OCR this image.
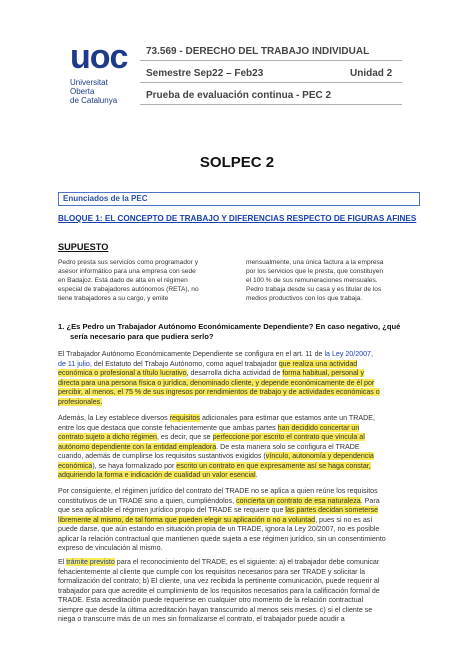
uoc
Universitat
Oberta
de Catalunya
73.569 - DERECHO DEL TRABAJO INDIVIDUAL
Semestre Sep22 – Feb23	Unidad 2
Prueba de evaluación continua - PEC 2
SOLPEC 2
Enunciados de la PEC
BLOQUE 1: EL CONCEPTO DE TRABAJO Y DIFERENCIAS RESPECTO DE FIGURAS AFINES
SUPUESTO
Pedro presta sus servicios como programador y
asesor informático para una empresa con sede
en Badajoz. Está dado de alta en el régimen
especial de trabajadores autónomos (RETA), no
tiene trabajadores a su cargo, y emite
mensualmente, una única factura a la empresa
por los servicios que le presta, que constituyen
el 100 % de sus remuneraciones mensuales.
Pedro trabaja desde su casa y es titular de los
medios productivos con los que trabaja.
1. ¿Es Pedro un Trabajador Autónomo Económicamente Dependiente? En caso negativo, ¿qué
sería necesario para que pudiera serlo?
El Trabajador Autónomo Económicamente Dependiente se configura en el art. 11 de la Ley 20/2007,
de 11 julio, del Estatuto del Trabajo Autónomo, como aquel trabajador que realiza una actividad
económica o profesional a título lucrativo, desarrolla dicha actividad de forma habitual, personal y
directa para una persona física o jurídica, denominado cliente, y depende económicamente de él por
percibir, al menos, el 75 % de sus ingresos por rendimientos de trabajo y de actividades económicas o
profesionales.
Además, la Ley establece diversos requisitos adicionales para estimar que estamos ante un TRADE,
entre los que destaca que conste fehacientemente que ambas partes han decidido concertar un
contrato sujeto a dicho régimen, es decir, que se perfeccione por escrito el contrato que vincula al
autónomo dependiente con la entidad empleadora. De esta manera solo se configura el TRADE
cuando, además de cumplirse los requisitos sustantivos exigidos (vínculo, autonomía y dependencia
económica), se haya formalizado por escrito un contrato en que expresamente así se haga constar,
adquiriendo la forma e indicación de cualidad un valor esencial.
Por consiguiente, el régimen jurídico del contrato del TRADE no se aplica a quien reúne los requisitos
constitutivos de un TRADE sino a quien, cumpliéndolos, concierta un contrato de esa naturaleza. Para
que sea aplicable el régimen jurídico propio del TRADE se requiere que las partes decidan someterse
libremente al mismo, de tal forma que pueden elegir su aplicación o no a voluntad, pues si no es así
puede darse, que aún estando en situación propia de un TRADE, ignora la Ley 20/2007, no es posible
aplicar la relación contractual que mantienen quede sujeta a ese régimen jurídico, sin un consentimiento
expreso de vinculación al mismo.
El trámite previsto para el reconocimiento del TRADE, es el siguiente: a) el trabajador debe comunicar
fehacientemente al cliente que cumple con los requisitos necesarios para ser TRADE y solicitar la
formalización del contrato; b) El cliente, una vez recibida la pertinente comunicación, puede requerir al
trabajador para que acredite el cumplimiento de los requisitos necesarios para la calificación formal de
TRADE. Esta acreditación puede requerirse en cualquier otro momento de la relación contractual
siempre que desde la última acreditación hayan transcurrido al menos seis meses. c) si el cliente se
niega o transcurre más de un mes sin formalizarse el contrato, el trabajador puede acudir a
